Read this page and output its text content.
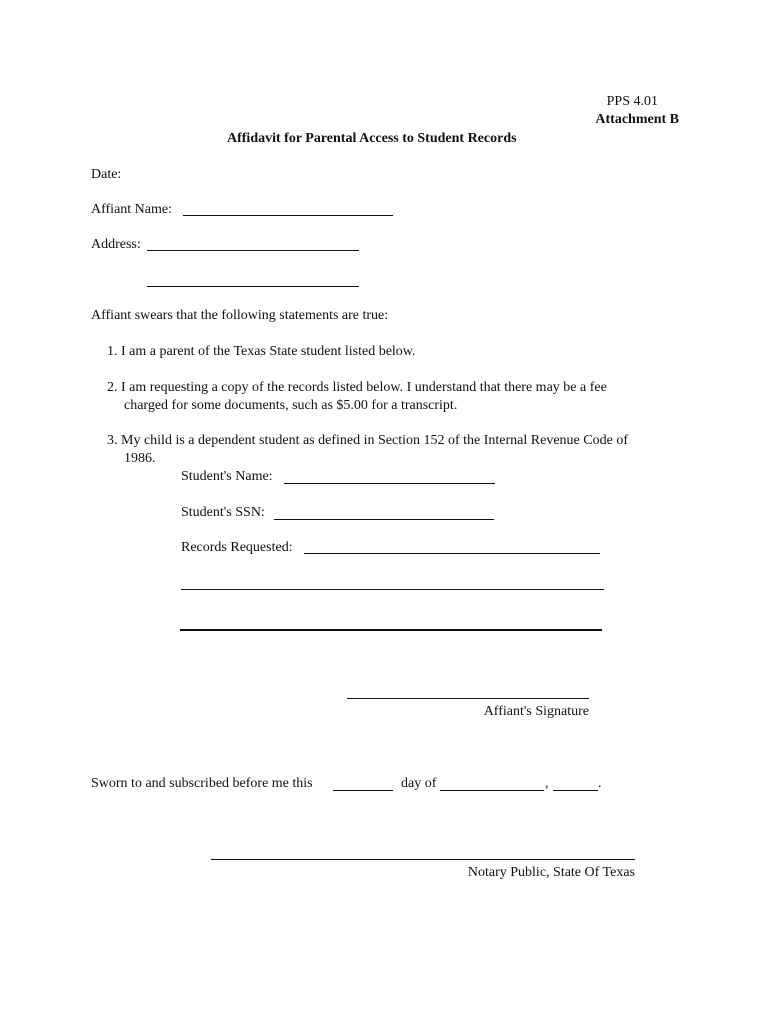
PPS 4.01
Attachment B
Affidavit for Parental Access to Student Records
Date:
Affiant Name:
Address:
Affiant swears that the following statements are true:
1. I am a parent of the Texas State student listed below.
2. I am requesting a copy of the records listed below. I understand that there may be a fee
charged for some documents, such as $5.00 for a transcript.
3. My child is a dependent student as defined in Section 152 of the Internal Revenue Code of
1986.
Student's Name:
Student's SSN:
Records Requested:
Affiant's Signature
Sworn to and subscribed before me this	day of	,	.
Notary Public, State Of Texas
